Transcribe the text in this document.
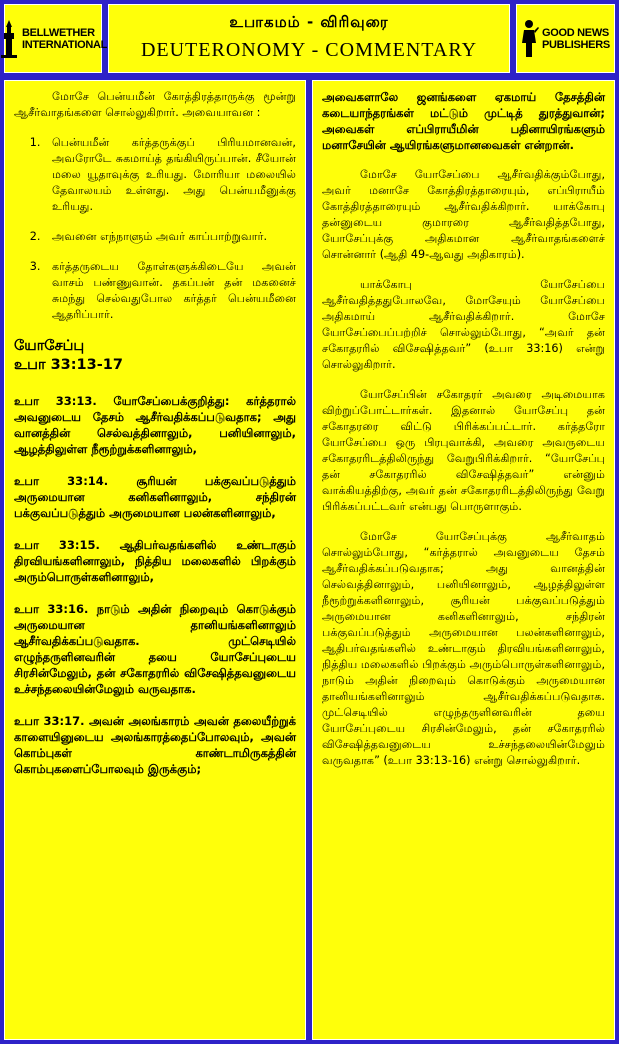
BELLWETHER INTERNATIONAL
உபாகமம் - விரிவுரை
DEUTERONOMY - COMMENTARY
GOOD NEWS PUBLISHERS

மோசே பென்யமீன் கோத்திரத்தாருக்கு மூன்று ஆசீர்வாதங்களை சொல்லுகிறார். அவையாவன :

1. பென்யமீன் கர்த்தருக்குப் பிரியமானவன், அவரோடே சுகமாய்த் தங்கியிருப்பான். சீயோன் மலை யூதாவுக்கு உரியது. மோரியா மலையில் தேவாலயம் உள்ளது. அது பென்யமீனுக்கு உரியது.
2. அவனை எந்நாளும் அவர் காப்பாற்றுவார்.
3. கர்த்தருடைய தோள்களுக்கிடையே அவன் வாசம் பண்ணுவான். தகப்பன் தன் மகனைச் சுமந்து செல்வதுபோல கர்த்தர் பென்யமீனை ஆதரிப்பார்.
யோசேப்பு
உபா 33:13-17
உபா 33:13. யோசேப்பைக்குறித்து: கர்த்தரால் அவனுடைய தேசம் ஆசீர்வதிக்கப்படுவதாக; அது வானத்தின் செல்வத்தினாலும், பனியினாலும், ஆழத்திலுள்ள நீரூற்றுக்களினாலும்,
உபா 33:14. சூரியன் பக்குவப்படுத்தும் அருமையான கனிகளினாலும், சந்திரன் பக்குவப்படுத்தும் அருமையான பலன்களினாலும்,
உபா 33:15. ஆதிபர்வதங்களில் உண்டாகும் திரவியங்களினாலும், நித்திய மலைகளில் பிறக்கும் அரும்பொருள்களினாலும்,
உபா 33:16. நாடும் அதின் நிறைவும் கொடுக்கும் அருமையான தானியங்களினாலும் ஆசீர்வதிக்கப்படுவதாக. முட்செடியில் எழுந்தருளினவரின் தயை யோசேப்புடைய சிரசின்மேலும், தன் சகோதரரில் விசேஷித்தவனுடைய உச்சந்தலையின்மேலும் வருவதாக.
உபா 33:17. அவன் அலங்காரம் அவன் தலையீற்றுக் காளையினுடைய அலங்காரத்தைப்போலவும், அவன் கொம்புகள் காண்டாமிருகத்தின் கொம்புகளைப்போலவும் இருக்கும்;

அவைகளாலே ஜனங்களை ஏகமாய் தேசத்தின் கடையாந்தரங்கள் மட்டும் முட்டித் துரத்துவான்; அவைகள் எப்பிராயீமின் பதினாயிரங்களும் மனாசேயின் ஆயிரங்களுமானவைகள் என்றான்.

மோசே யோசேப்பை ஆசீர்வதிக்கும்போது, அவர் மனாசே கோத்திரத்தாரையும், எப்பிராயீம் கோத்திரத்தாரையும் ஆசீர்வதிக்கிறார். யாக்கோபு தன்னுடைய குமாரரை ஆசீர்வதித்தபோது, யோசேப்புக்கு அதிகமான ஆசீர்வாதங்களைச் சொன்னார் (ஆதி 49-ஆவது அதிகாரம்).

யாக்கோபு யோசேப்பை ஆசீர்வதித்ததுபோலவே, மோசேயும் யோசேப்பை அதிகமாய் ஆசீர்வதிக்கிறார். மோசே யோசேப்பைப்பற்றிச் சொல்லும்போது, “அவர் தன் சகோதரரில் விசேஷித்தவர்” (உபா 33:16) என்று சொல்லுகிறார்.

யோசேப்பின் சகோதரர் அவரை அடிமையாக விற்றுப்போட்டார்கள். இதனால் யோசேப்பு தன் சகோதரரை விட்டு பிரிக்கப்பட்டார். கர்த்தரோ யோசேப்பை ஒரு பிரபுவாக்கி, அவரை அவருடைய சகோதரரிடத்திலிருந்து வேறுபிரிக்கிறார். “யோசேப்பு தன் சகோதரரில் விசேஷித்தவர்” என்னும் வாக்கியத்திற்கு, அவர் தன் சகோதரரிடத்திலிருந்து வேறு பிரிக்கப்பட்டவர் என்பது பொருளாகும்.

மோசே யோசேப்புக்கு ஆசீர்வாதம் சொல்லும்போது, “கர்த்தரால் அவனுடைய தேசம் ஆசீர்வதிக்கப்படுவதாக; அது வானத்தின் செல்வத்தினாலும், பனியினாலும், ஆழத்திலுள்ள நீரூற்றுக்களினாலும், சூரியன் பக்குவப்படுத்தும் அருமையான கனிகளினாலும், சந்திரன் பக்குவப்படுத்தும் அருமையான பலன்களினாலும், ஆதிபர்வதங்களில் உண்டாகும் திரவியங்களினாலும், நித்திய மலைகளில் பிறக்கும் அரும்பொருள்களினாலும், நாடும் அதின் நிறைவும் கொடுக்கும் அருமையான தானியங்களினாலும் ஆசீர்வதிக்கப்படுவதாக. முட்செடியில் எழுந்தருளினவரின் தயை யோசேப்புடைய சிரசின்மேலும், தன் சகோதரரில் விசேஷித்தவனுடைய உச்சந்தலையின்மேலும் வருவதாக” (உபா 33:13-16) என்று சொல்லுகிறார்.
